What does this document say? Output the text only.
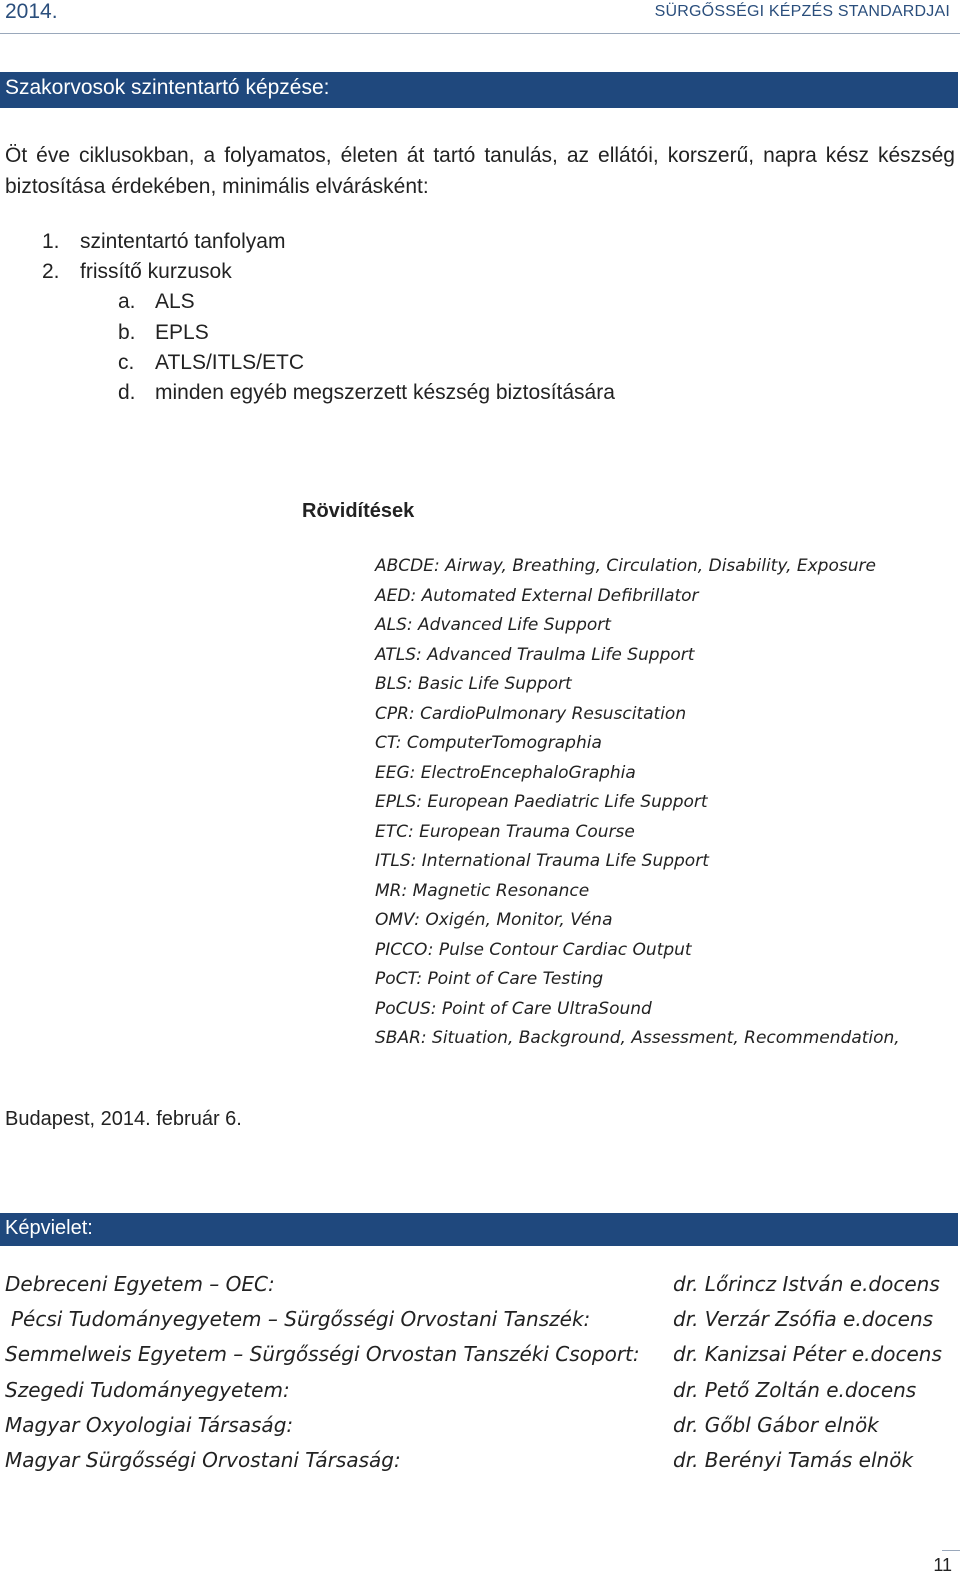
2014.	SÜRGŐSSÉGI KÉPZÉS STANDARDJAI
Szakorvosok szintentartó képzése:
Öt éve ciklusokban, a folyamatos, életen át tartó tanulás, az ellátói, korszerű, napra kész készség biztosítása érdekében, minimális elvárásként:
1. szintentartó tanfolyam
2. frissítő kurzusok
a. ALS
b. EPLS
c. ATLS/ITLS/ETC
d. minden egyéb megszerzett készség biztosítására
Rövidítések
ABCDE: Airway, Breathing, Circulation, Disability, Exposure
AED: Automated External Defibrillator
ALS: Advanced Life Support
ATLS: Advanced Traulma Life Support
BLS: Basic Life Support
CPR: CardioPulmonary Resuscitation
CT: ComputerTomographia
EEG: ElectroEncephaloGraphia
EPLS: European Paediatric Life Support
ETC: European Trauma Course
ITLS: International Trauma Life Support
MR: Magnetic Resonance
OMV: Oxigén, Monitor, Véna
PICCO: Pulse Contour Cardiac Output
PoCT: Point of Care Testing
PoCUS: Point of Care UltraSound
SBAR: Situation, Background, Assessment, Recommendation,
Budapest, 2014. február 6.
Képvielet:
Debreceni Egyetem – OEC:
Pécsi Tudományegyetem – Sürgősségi Orvostani Tanszék:
Semmelweis Egyetem – Sürgősségi Orvostan Tanszéki Csoport:
Szegedi Tudományegyetem:
Magyar Oxyologiai Társaság:
Magyar Sürgősségi Orvostani Társaság:
dr. Lőrincz István e.docens
dr. Verzár Zsófia e.docens
dr. Kanizsai Péter e.docens
dr. Pető Zoltán e.docens
dr. Gőbl Gábor elnök
dr. Berényi Tamás elnök
11
